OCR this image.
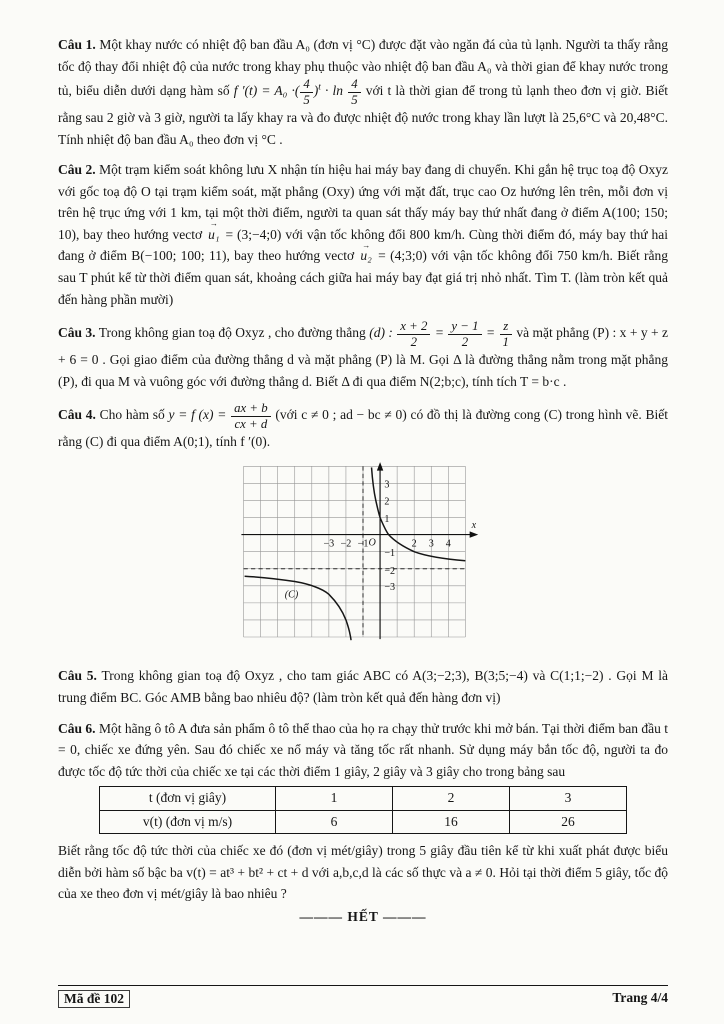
Câu 1. Một khay nước có nhiệt độ ban đầu A₀ (đơn vị °C) được đặt vào ngăn đá của tủ lạnh. Người ta thấy rằng tốc độ thay đổi nhiệt độ của nước trong khay phụ thuộc vào nhiệt độ ban đầu A₀ và thời gian để khay nước trong tủ, biểu diễn dưới dạng hàm số f ′(t) = A₀ ·( $\frac{4}{5} )^t \cdot \ln \frac{4}{5}$ với t là thời gian để trong tủ lạnh theo đơn vị giờ. Biết rằng sau 2 giờ và 3 giờ, người ta lấy khay ra và đo được nhiệt độ nước trong khay lần lượt là 25,6°C và 20,48°C. Tính nhiệt độ ban đầu A₀ theo đơn vị °C .

Câu 2. Một trạm kiểm soát không lưu X nhận tín hiệu hai máy bay đang di chuyển. Khi gắn hệ trục toạ độ Oxyz với gốc toạ độ O tại trạm kiểm soát, mặt phẳng (Oxy) ứng với mặt đất, trục cao Oz hướng lên trên, mỗi đơn vị trên hệ trục ứng với 1 km, tại một thời điểm, người ta quan sát thấy máy bay thứ nhất đang ở điểm A(100; 150; 10), bay theo hướng vectơ → u₁ = (3;−4;0) với vận tốc không đổi 800 km/h. Cùng thời điểm đó, máy bay thứ hai đang ở điểm B(−100; 100; 11), bay theo hướng vectơ → u₂ = (4;3;0) với vận tốc không đổi 750 km/h. Biết rằng sau T phút kể từ thời điểm quan sát, khoảng cách giữa hai máy bay đạt giá trị nhỏ nhất. Tìm T. (làm tròn kết quả đến hàng phần mười)

Câu 3. Trong không gian toạ độ Oxyz , cho đường thẳng (d) : $\frac{x + 2}{2} = \frac{y - 1}{2} = \frac{z}{1}$ và mặt phẳng (P) : x + y + z + 6 = 0 . Gọi giao điểm của đường thẳng d và mặt phẳng (P) là M. Gọi Δ là đường thẳng nằm trong mặt phẳng (P), đi qua M và vuông góc với đường thẳng d. Biết Δ đi qua điểm N(2;b;c), tính tích T = b·c .

Câu 4. Cho hàm số y = f $(x) = \frac{ax + b}{cx + d}$ (với c ≠ 0 ; ad − bc ≠ 0) có đồ thị là đường cong (C) trong hình vẽ. Biết rằng (C) đi qua điểm A(0;1), tính f ′(0).

3
2
1
−1
−2
−3
−3 −2 −1	2 3 4
O
x
(C)

Câu 5. Trong không gian toạ độ Oxyz , cho tam giác ABC có A(3;−2;3), B(3;5;−4) và C(1;1;−2) . Gọi M là trung điểm BC. Góc AMB bằng bao nhiêu độ? (làm tròn kết quả đến hàng đơn vị)

Câu 6. Một hãng ô tô A đưa sản phẩm ô tô thể thao của họ ra chạy thử trước khi mở bán. Tại thời điểm ban đầu t = 0, chiếc xe đứng yên. Sau đó chiếc xe nổ máy và tăng tốc rất nhanh. Sử dụng máy bắn tốc độ, người ta đo được tốc độ tức thời của chiếc xe tại các thời điểm 1 giây, 2 giây và 3 giây cho trong bảng sau

t (đơn vị giây)	1	2	3
v(t) (đơn vị m/s)	6	16	26

Biết rằng tốc độ tức thời của chiếc xe đó (đơn vị mét/giây) trong 5 giây đầu tiên kể từ khi xuất phát được biểu diễn bởi hàm số bậc ba v(t) = at³ + bt² + ct + d với a,b,c,d là các số thực và a ≠ 0. Hỏi tại thời điểm 5 giây, tốc độ của xe theo đơn vị mét/giây là bao nhiêu ?

——— HẾT ———
Mã đề 102	Trang 4/4
